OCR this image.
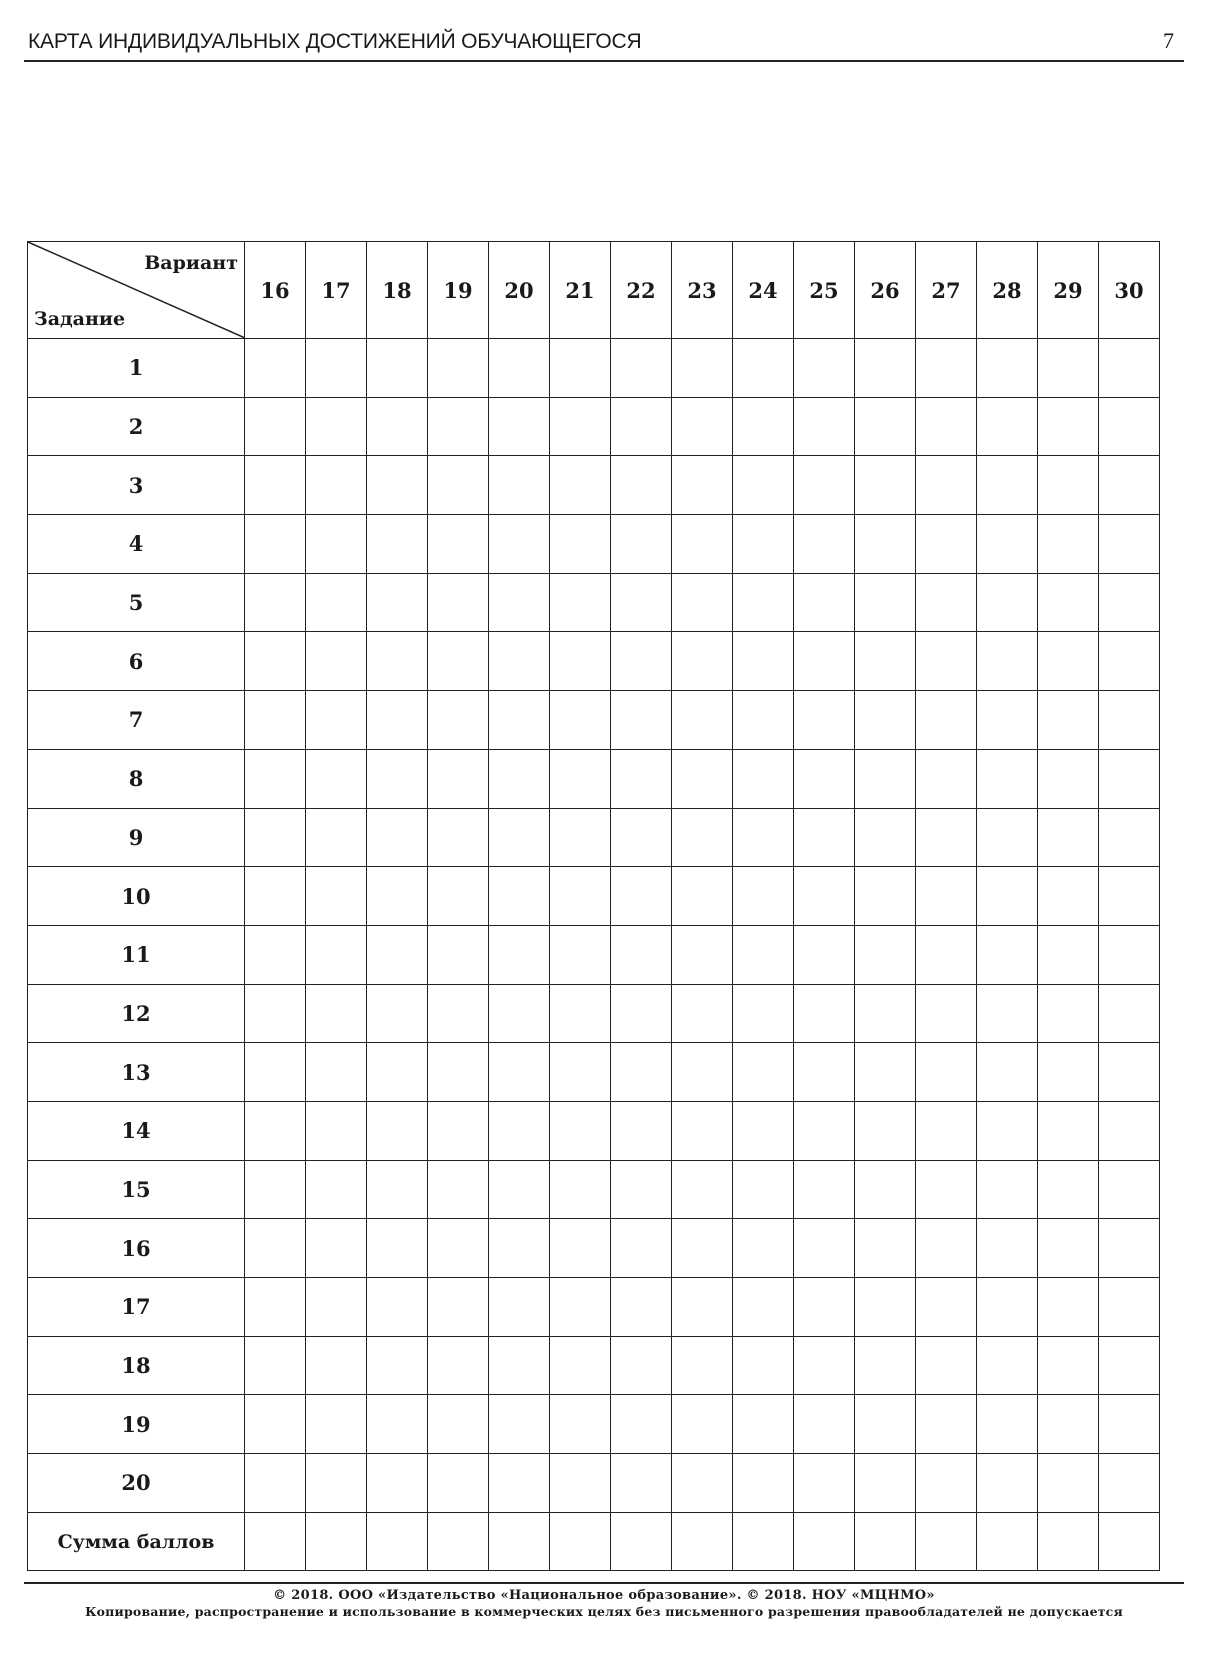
КАРТА ИНДИВИДУАЛЬНЫХ ДОСТИЖЕНИЙ ОБУЧАЮЩЕГОСЯ	7
Вариант
Задание	16	17	18	19	20	21	22	23	24	25	26	27	28	29	30
1															
2															
3															
4															
5															
6															
7															
8															
9															
10															
11															
12															
13															
14															
15															
16															
17															
18															
19															
20															
Сумма баллов															
© 2018. ООО «Издательство «Национальное образование». © 2018. НОУ «МЦНМО»
Копирование, распространение и использование в коммерческих целях без письменного разрешения правообладателей не допускается
